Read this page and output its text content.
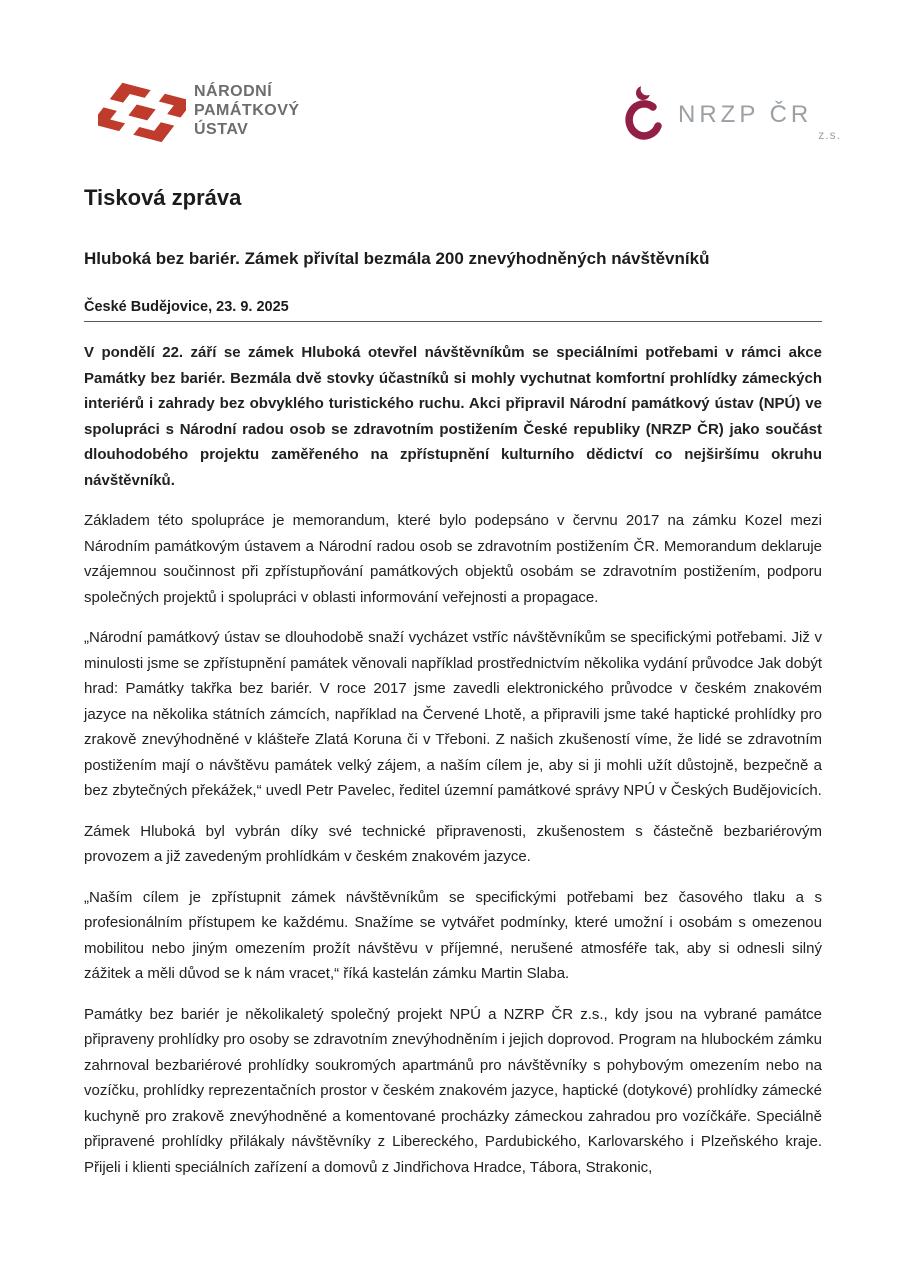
NÁRODNÍ
PAMÁTKOVÝ
ÚSTAV
NRZP ČR
z.s.
Tisková zpráva
Hluboká bez bariér. Zámek přivítal bezmála 200 znevýhodněných návštěvníků

České Budějovice, 23. 9. 2025

V pondělí 22. září se zámek Hluboká otevřel návštěvníkům se speciálními potřebami v rámci akce Památky bez bariér. Bezmála dvě stovky účastníků si mohly vychutnat komfortní prohlídky zámeckých interiérů i zahrady bez obvyklého turistického ruchu. Akci připravil Národní památkový ústav (NPÚ) ve spolupráci s Národní radou osob se zdravotním postižením České republiky (NRZP ČR) jako součást dlouhodobého projektu zaměřeného na zpřístupnění kulturního dědictví co nejširšímu okruhu návštěvníků.

Základem této spolupráce je memorandum, které bylo podepsáno v červnu 2017 na zámku Kozel mezi Národním památkovým ústavem a Národní radou osob se zdravotním postižením ČR. Memorandum deklaruje vzájemnou součinnost při zpřístupňování památkových objektů osobám se zdravotním postižením, podporu společných projektů i spolupráci v oblasti informování veřejnosti a propagace.

„Národní památkový ústav se dlouhodobě snaží vycházet vstříc návštěvníkům se specifickými potřebami. Již v minulosti jsme se zpřístupnění památek věnovali například prostřednictvím několika vydání průvodce Jak dobýt hrad: Památky takřka bez bariér. V roce 2017 jsme zavedli elektronického průvodce v českém znakovém jazyce na několika státních zámcích, například na Červené Lhotě, a připravili jsme také haptické prohlídky pro zrakově znevýhodněné v klášteře Zlatá Koruna či v Třeboni. Z našich zkušeností víme, že lidé se zdravotním postižením mají o návštěvu památek velký zájem, a naším cílem je, aby si ji mohli užít důstojně, bezpečně a bez zbytečných překážek,“ uvedl Petr Pavelec, ředitel územní památkové správy NPÚ v Českých Budějovicích.

Zámek Hluboká byl vybrán díky své technické připravenosti, zkušenostem s částečně bezbariérovým provozem a již zavedeným prohlídkám v českém znakovém jazyce.

„Naším cílem je zpřístupnit zámek návštěvníkům se specifickými potřebami bez časového tlaku a s profesionálním přístupem ke každému. Snažíme se vytvářet podmínky, které umožní i osobám s omezenou mobilitou nebo jiným omezením prožít návštěvu v příjemné, nerušené atmosféře tak, aby si odnesli silný zážitek a měli důvod se k nám vracet,“ říká kastelán zámku Martin Slaba.

Památky bez bariér je několikaletý společný projekt NPÚ a NZRP ČR z.s., kdy jsou na vybrané památce připraveny prohlídky pro osoby se zdravotním znevýhodněním i jejich doprovod. Program na hlubockém zámku zahrnoval bezbariérové prohlídky soukromých apartmánů pro návštěvníky s pohybovým omezením nebo na vozíčku, prohlídky reprezentačních prostor v českém znakovém jazyce, haptické (dotykové) prohlídky zámecké kuchyně pro zrakově znevýhodněné a komentované procházky zámeckou zahradou pro vozíčkáře. Speciálně připravené prohlídky přilákaly návštěvníky z Libereckého, Pardubického, Karlovarského i Plzeňského kraje. Přijeli i klienti speciálních zařízení a domovů z Jindřichova Hradce, Tábora, Strakonic,
